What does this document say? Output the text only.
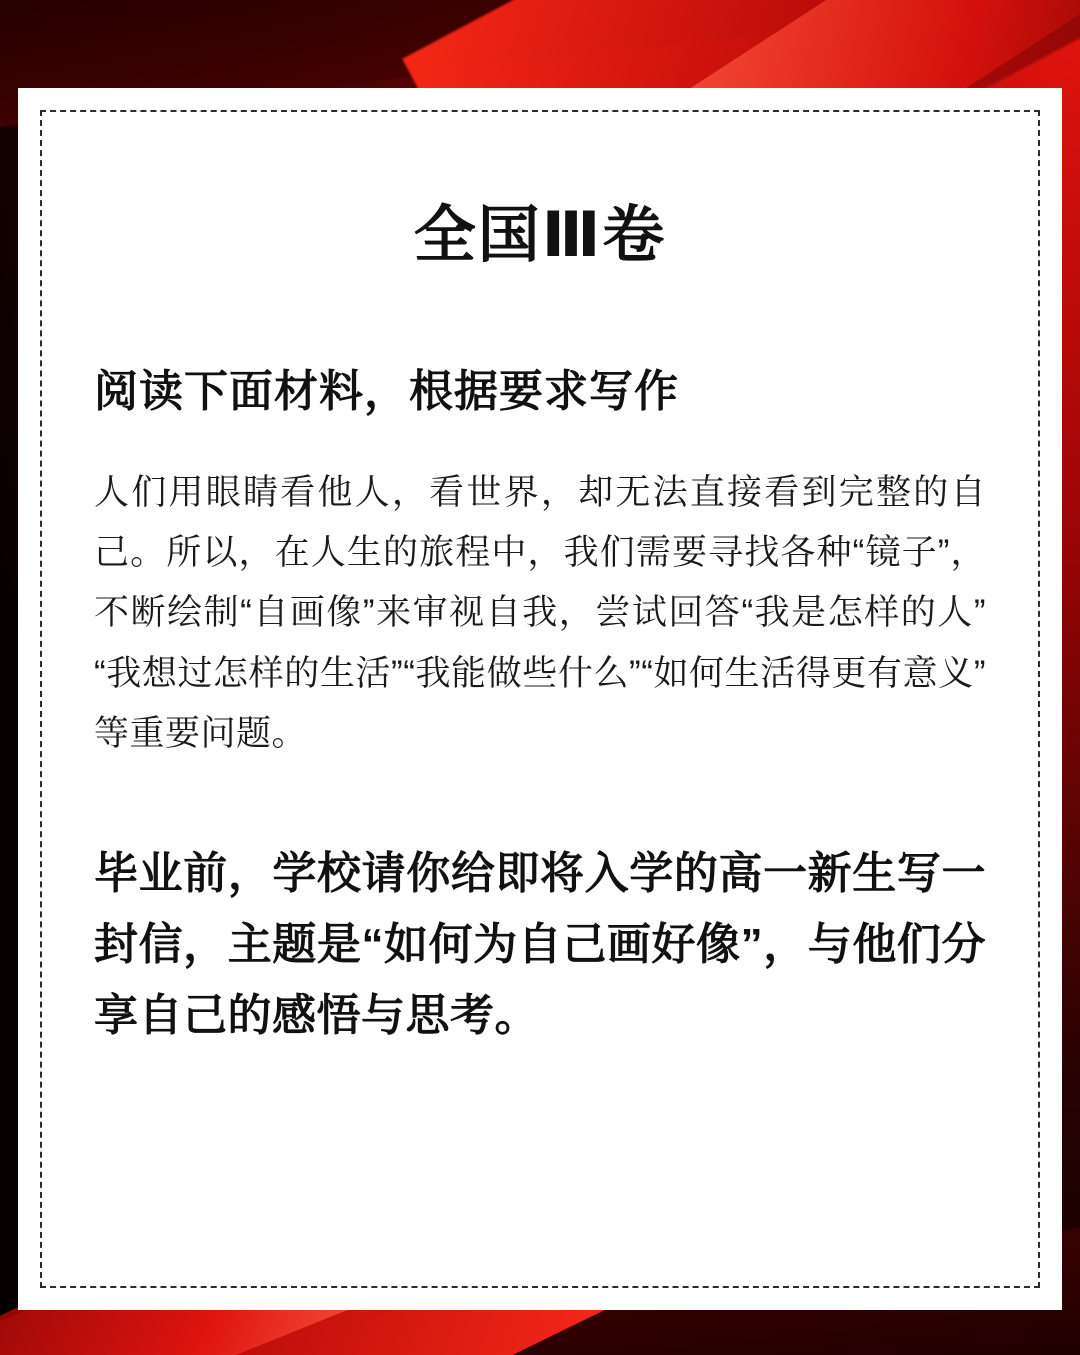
全国Ⅲ卷
阅读下面材料，根据要求写作

人们用眼睛看他人，看世界，却无法直接看到完整的自己。所以，在人生的旅程中，我们需要寻找各种“镜子”，不断绘制“自画像”来审视自我，尝试回答“我是怎样的人”“我想过怎样的生活”“我能做些什么”“如何生活得更有意义”等重要问题。

毕业前，学校请你给即将入学的高一新生写一封信，主题是“如何为自己画好像”，与他们分享自己的感悟与思考。
